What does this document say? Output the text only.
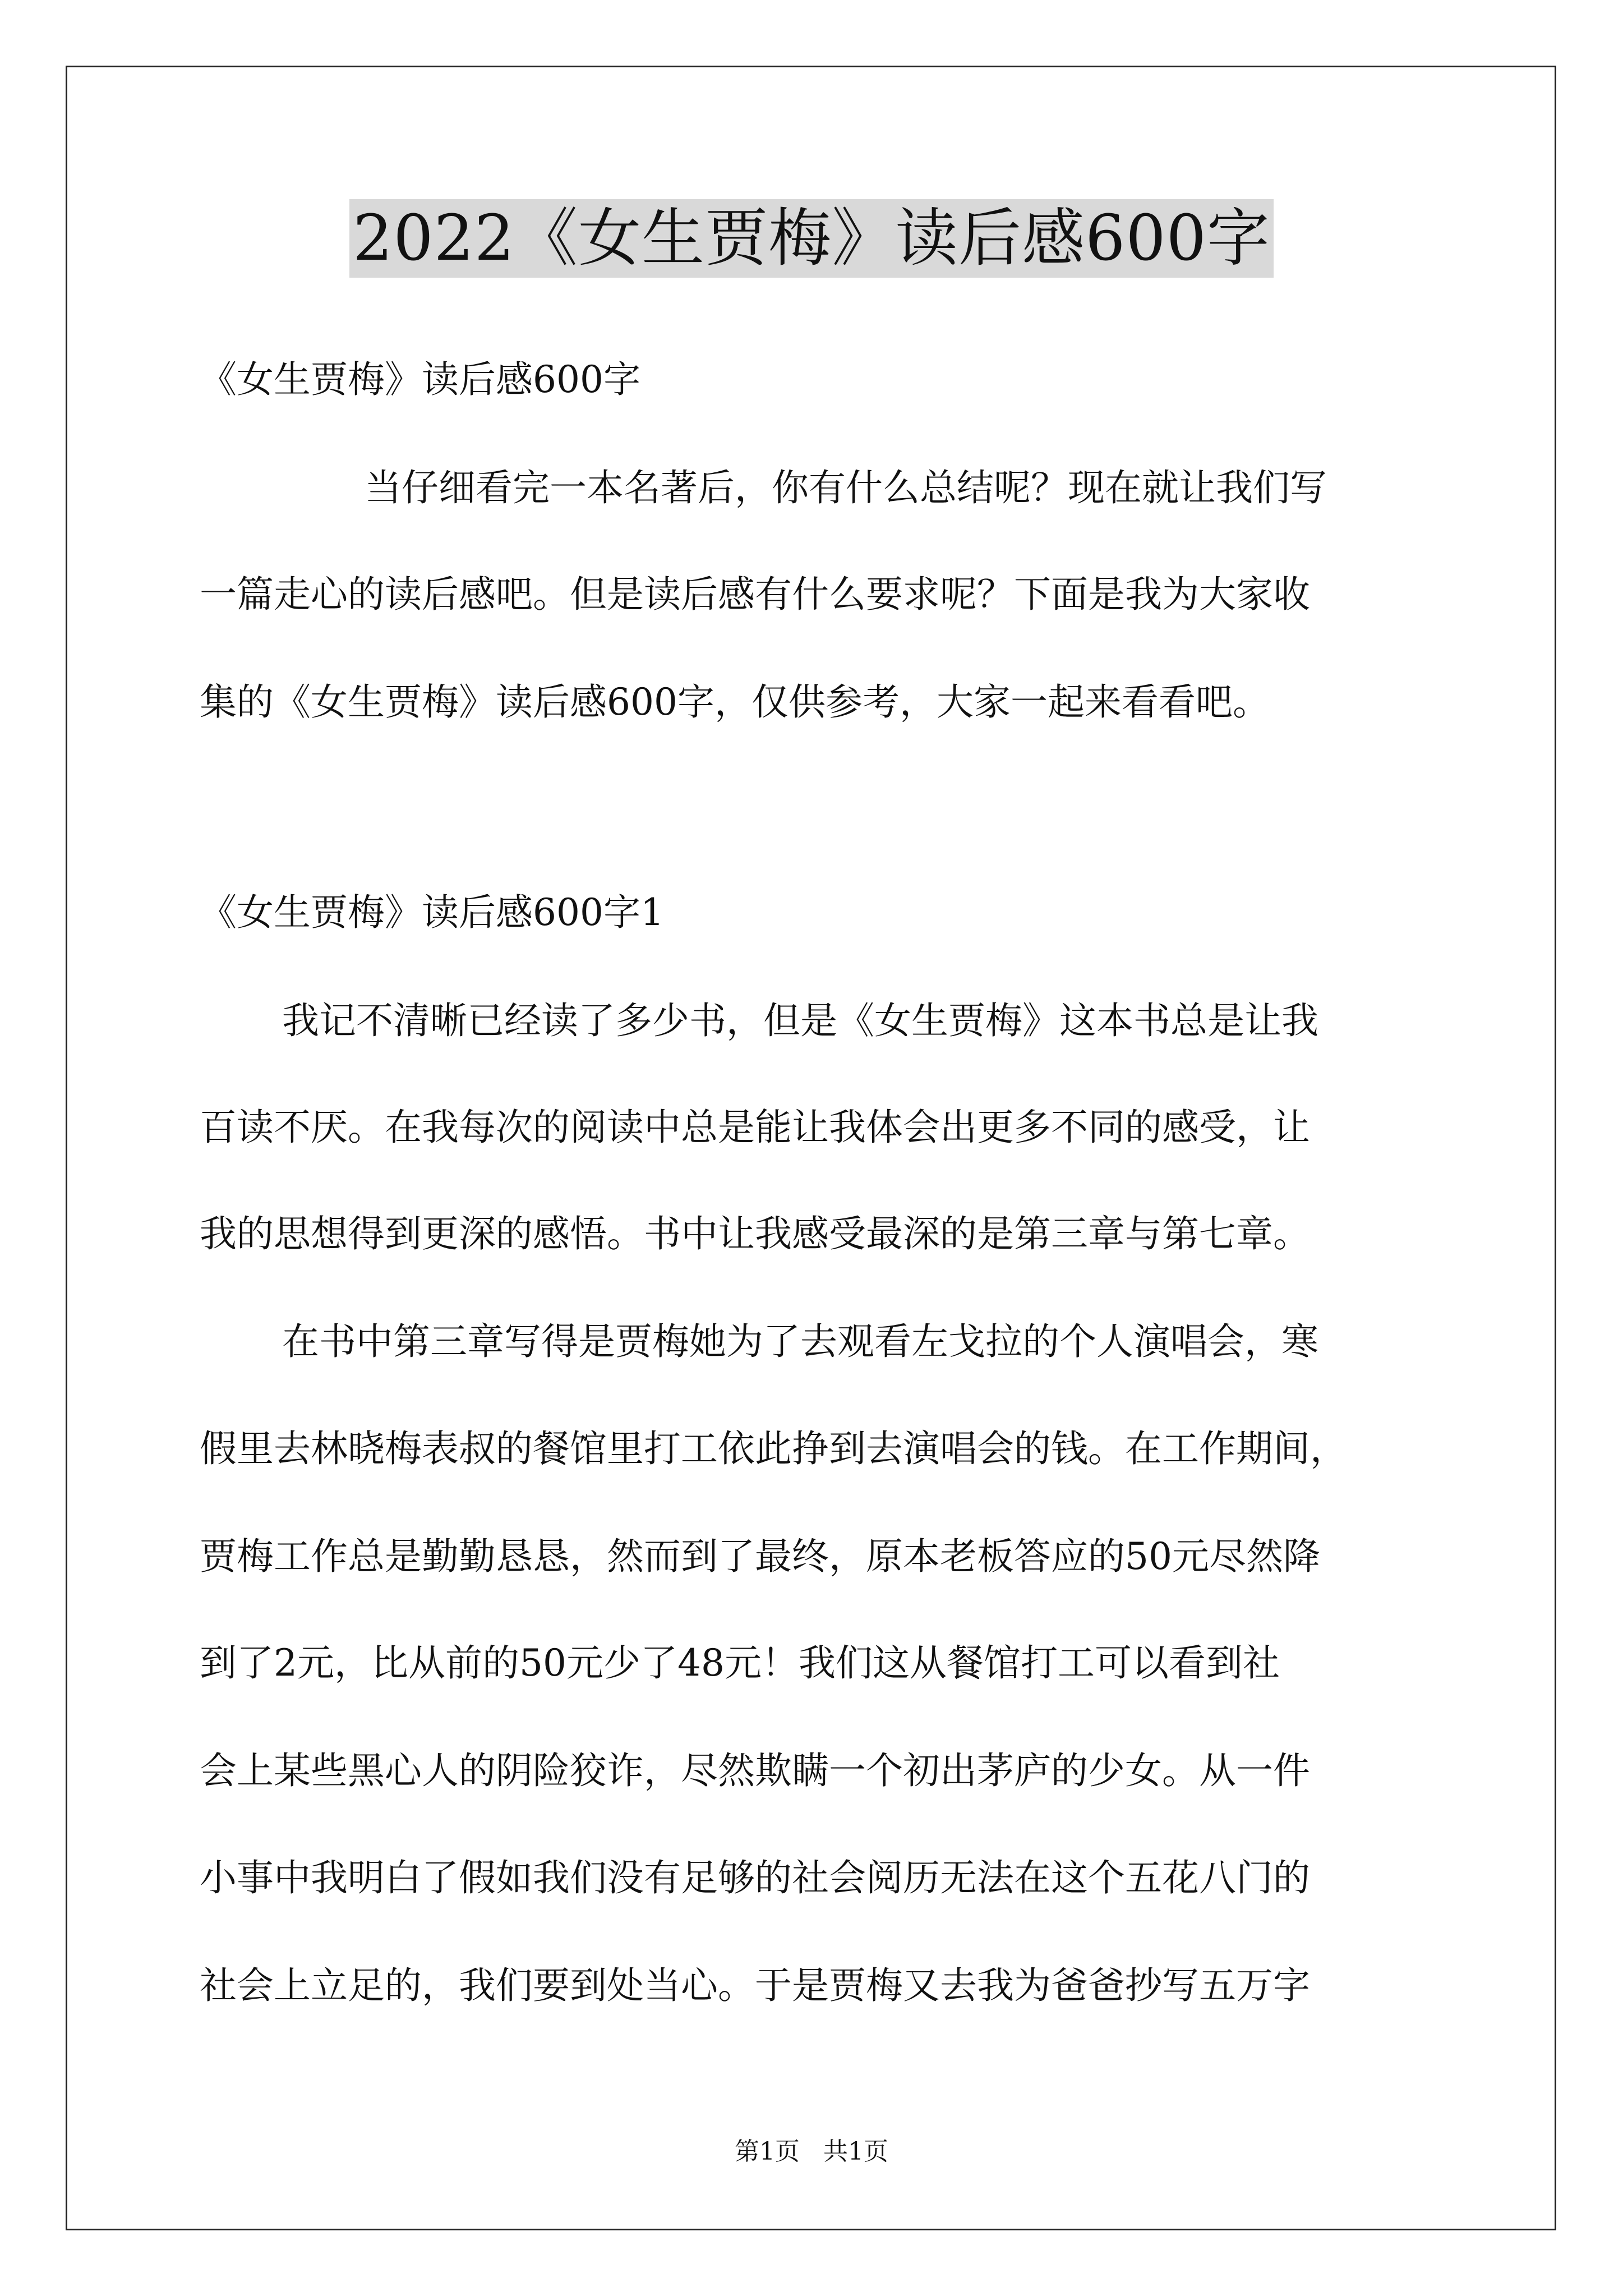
2022《女生贾梅》读后感600字

《女生贾梅》读后感600字

当仔细看完一本名著后，你有什么总结呢？现在就让我们写

一篇走心的读后感吧。但是读后感有什么要求呢？下面是我为大家收

集的《女生贾梅》读后感600字，仅供参考，大家一起来看看吧。

《女生贾梅》读后感600字1

我记不清晰已经读了多少书，但是《女生贾梅》这本书总是让我

百读不厌。在我每次的阅读中总是能让我体会出更多不同的感受，让

我的思想得到更深的感悟。书中让我感受最深的是第三章与第七章。

在书中第三章写得是贾梅她为了去观看左戈拉的个人演唱会，寒

假里去林晓梅表叔的餐馆里打工依此挣到去演唱会的钱。在工作期间，

贾梅工作总是勤勤恳恳，然而到了最终，原本老板答应的50元尽然降

到了2元，比从前的50元少了48元！我们这从餐馆打工可以看到社

会上某些黑心人的阴险狡诈，尽然欺瞒一个初出茅庐的少女。从一件

小事中我明白了假如我们没有足够的社会阅历无法在这个五花八门的

社会上立足的，我们要到处当心。于是贾梅又去我为爸爸抄写五万字

第1页   共1页
